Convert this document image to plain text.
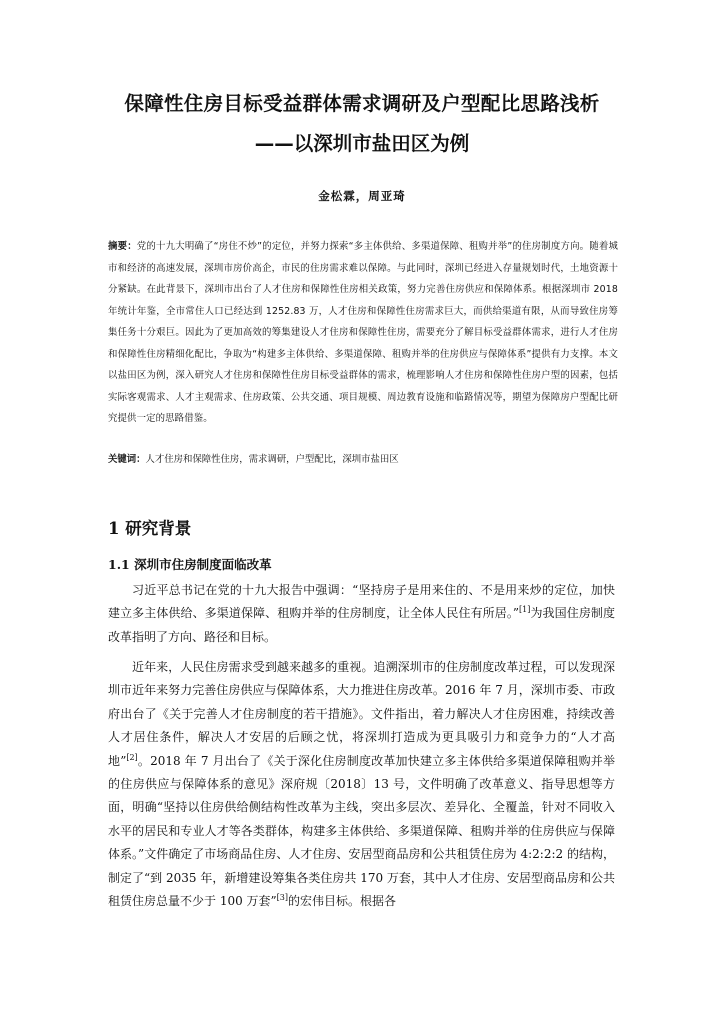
保障性住房目标受益群体需求调研及户型配比思路浅析
——以深圳市盐田区为例
金松霖，周亚琦
摘要：党的十九大明确了“房住不炒”的定位，并努力探索“多主体供给、多渠道保障、租购并举”的住房制度方向。随着城市和经济的高速发展，深圳市房价高企，市民的住房需求难以保障。与此同时，深圳已经进入存量规划时代，土地资源十分紧缺。在此背景下，深圳市出台了人才住房和保障性住房相关政策，努力完善住房供应和保障体系。根据深圳市 2018 年统计年鉴，全市常住人口已经达到 1252.83 万，人才住房和保障性住房需求巨大，而供给渠道有限，从而导致住房筹集任务十分艰巨。因此为了更加高效的筹集建设人才住房和保障性住房，需要充分了解目标受益群体需求，进行人才住房和保障性住房精细化配比，争取为“构建多主体供给、多渠道保障、租购并举的住房供应与保障体系”提供有力支撑。本文以盐田区为例，深入研究人才住房和保障性住房目标受益群体的需求，梳理影响人才住房和保障性住房户型的因素，包括实际客观需求、人才主观需求、住房政策、公共交通、项目规模、周边教育设施和临路情况等，期望为保障房户型配比研究提供一定的思路借鉴。
关键词：人才住房和保障性住房，需求调研，户型配比，深圳市盐田区
1 研究背景
1.1 深圳市住房制度面临改革
习近平总书记在党的十九大报告中强调：“坚持房子是用来住的、不是用来炒的定位，加快建立多主体供给、多渠道保障、租购并举的住房制度，让全体人民住有所居。”[1]为我国住房制度改革指明了方向、路径和目标。
近年来，人民住房需求受到越来越多的重视。追溯深圳市的住房制度改革过程，可以发现深圳市近年来努力完善住房供应与保障体系，大力推进住房改革。2016 年 7 月，深圳市委、市政府出台了《关于完善人才住房制度的若干措施》。文件指出，着力解决人才住房困难，持续改善人才居住条件，解决人才安居的后顾之忧，将深圳打造成为更具吸引力和竞争力的“人才高地”[2]。2018 年 7 月出台了《关于深化住房制度改革加快建立多主体供给多渠道保障租购并举的住房供应与保障体系的意见》深府规〔2018〕13 号，文件明确了改革意义、指导思想等方面，明确“坚持以住房供给侧结构性改革为主线，突出多层次、差异化、全覆盖，针对不同收入水平的居民和专业人才等各类群体，构建多主体供给、多渠道保障、租购并举的住房供应与保障体系。”文件确定了市场商品住房、人才住房、安居型商品房和公共租赁住房为 4:2:2:2 的结构，制定了“到 2035 年，新增建设筹集各类住房共 170 万套，其中人才住房、安居型商品房和公共租赁住房总量不少于 100 万套”[3]的宏伟目标。根据各
